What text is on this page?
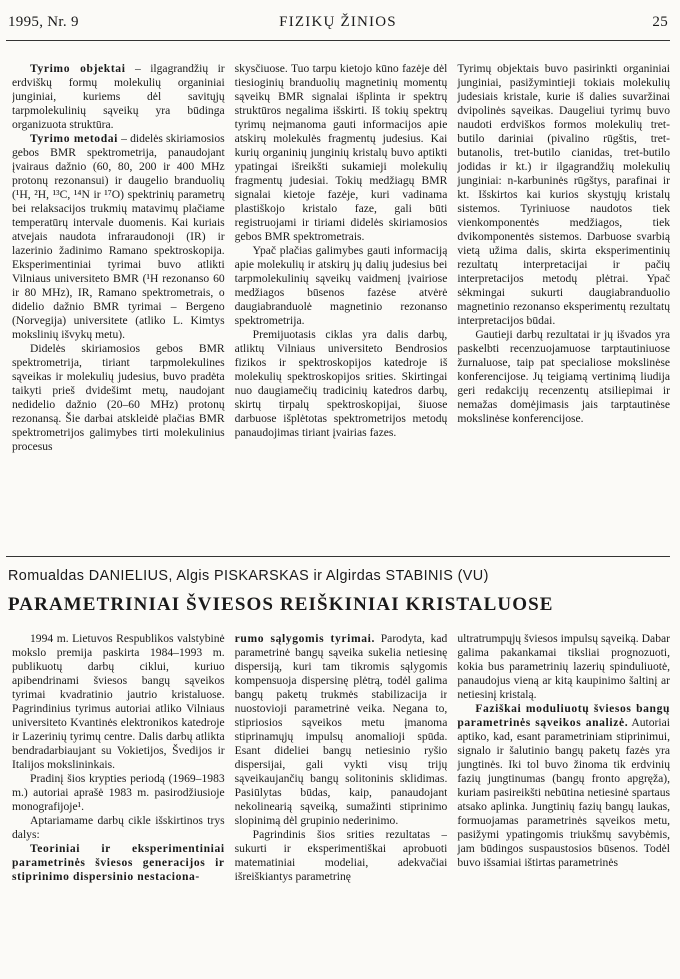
1995, Nr. 9	FIZIKŲ ŽINIOS	25

Tyrimo objektai – ilgagrandžių ir erdviškų formų molekulių organiniai junginiai, kuriems dėl savitųjų tarpmolekulinių sąveikų yra būdinga organizuota struktūra.

Tyrimo metodai – didelės skiriamosios gebos BMR spektrometrija, panaudojant įvairaus dažnio (60, 80, 200 ir 400 MHz protonų rezonansui) ir daugelio branduolių (¹H, ²H, ¹³C, ¹⁴N ir ¹⁷O) spektrinių parametrų bei relaksacijos trukmių matavimų plačiame temperatūrų intervale duomenis. Kai kuriais atvejais naudota infraraudonoji (IR) ir lazerinio žadinimo Ramano spektroskopija. Eksperimentiniai tyrimai buvo atlikti Vilniaus universiteto BMR (¹H rezonanso 60 ir 80 MHz), IR, Ramano spektrometrais, o didelio dažnio BMR tyrimai – Bergeno (Norvegija) universitete (atliko L. Kimtys mokslinių išvykų metu).

Didelės skiriamosios gebos BMR spektrometrija, tiriant tarpmolekulines sąveikas ir molekulių judesius, buvo pradėta taikyti prieš dvidešimt metų, naudojant nedidelio dažnio (20–60 MHz) protonų rezonansą. Šie darbai atskleidė plačias BMR spektrometrijos galimybes tirti molekulinius procesus

skysčiuose. Tuo tarpu kietojo kūno fazėje dėl tiesioginių branduolių magnetinių momentų sąveikų BMR signalai išplinta ir spektrų struktūros negalima išskirti. Iš tokių spektrų tyrimų neįmanoma gauti informacijos apie atskirų molekulės fragmentų judesius. Kai kurių organinių junginių kristalų buvo aptikti ypatingai išreikšti sukamieji molekulių fragmentų judesiai. Tokių medžiagų BMR signalai kietoje fazėje, kuri vadinama plastiškojo kristalo faze, gali būti registruojami ir tiriami didelės skiriamosios gebos BMR spektrometrais.

Ypač plačias galimybes gauti informaciją apie molekulių ir atskirų jų dalių judesius bei tarpmolekulinių sąveikų vaidmenį įvairiose medžiagos būsenos fazėse atvėrė daugiabranduolė magnetinio rezonanso spektrometrija.

Premijuotasis ciklas yra dalis darbų, atliktų Vilniaus universiteto Bendrosios fizikos ir spektroskopijos katedroje iš molekulių spektroskopijos srities. Skirtingai nuo daugiamečių tradicinių katedros darbų, skirtų tirpalų spektroskopijai, šiuose darbuose išplėtotas spektrometrijos metodų panaudojimas tiriant įvairias fazes.

Tyrimų objektais buvo pasirinkti organiniai junginiai, pasižymintieji tokiais molekulių judesiais kristale, kurie iš dalies suvaržinai dvipolinės sąveikas. Daugeliui tyrimų buvo naudoti erdviškos formos molekulių tret-butilo dariniai (pivalino rūgštis, tret-butanolis, tret-butilo cianidas, tret-butilo jodidas ir kt.) ir ilgagrandžių molekulių junginiai: n-karbuninės rūgštys, parafinai ir kt. Išskirtos kai kurios skystųjų kristalų sistemos. Tyriniuose naudotos tiek vienkomponentės medžiagos, tiek dvikomponentės sistemos. Darbuose svarbią vietą užima dalis, skirta eksperimentinių rezultatų interpretacijai ir pačių interpretacijos metodų plėtrai. Ypač sėkmingai sukurti daugiabranduolio magnetinio rezonanso eksperimentų rezultatų interpretacijos būdai.

Gautieji darbų rezultatai ir jų išvados yra paskelbti recenzuojamuose tarptautiniuose žurnaluose, taip pat specialiose mokslinėse konferencijose. Jų teigiamą vertinimą liudija geri redakcijų recenzentų atsiliepimai ir nemažas domėjimasis jais tarptautinėse mokslinėse konferencijose.

Romualdas DANIELIUS, Algis PISKARSKAS ir Algirdas STABINIS (VU)
PARAMETRINIAI ŠVIESOS REIŠKINIAI KRISTALUOSE

1994 m. Lietuvos Respublikos valstybinė mokslo premija paskirta 1984–1993 m. publikuotų darbų ciklui, kuriuo apibendrinami šviesos bangų sąveikos tyrimai kvadratinio jautrio kristaluose. Pagrindinius tyrimus autoriai atliko Vilniaus universiteto Kvantinės elektronikos katedroje ir Lazerinių tyrimų centre. Dalis darbų atlikta bendradarbiaujant su Vokietijos, Švedijos ir Italijos mokslininkais.

Pradinį šios krypties periodą (1969–1983 m.) autoriai aprašė 1983 m. pasirodžiusioje monografijoje¹.

Aptariamame darbų cikle išskirtinos trys dalys:

Teoriniai ir eksperimentiniai parametrinės šviesos generacijos ir stiprinimo dispersinio nestaciona-

rumo sąlygomis tyrimai. Parodyta, kad parametrinė bangų sąveika sukelia netiesinę dispersiją, kuri tam tikromis sąlygomis kompensuoja dispersinę plėtrą, todėl galima bangų paketų trukmės stabilizacija ir nuostovioji parametrinė veika. Negana to, stipriosios sąveikos metu įmanoma stiprinamųjų impulsų anomalioji spūda. Esant dideliei bangų netiesinio ryšio dispersijai, gali vykti visų trijų sąveikaujančių bangų solitoninis sklidimas. Pasiūlytas būdas, kaip, panaudojant nekolinearią sąveiką, sumažinti stiprinimo slopinimą dėl grupinio nederinimo.

Pagrindinis šios srities rezultatas – sukurti ir eksperimentiškai aprobuoti matematiniai modeliai, adekvačiai išreiškiantys parametrinę

ultratrumpųjų šviesos impulsų sąveiką. Dabar galima pakankamai tiksliai prognozuoti, kokia bus parametrinių lazerių spinduliuotė, panaudojus vieną ar kitą kaupinimo šaltinį ar netiesinį kristalą.

Faziškai moduliuotų šviesos bangų parametrinės sąveikos analizė. Autoriai aptiko, kad, esant parametriniam stiprinimui, signalo ir šalutinio bangų paketų fazės yra jungtinės. Iki tol buvo žinoma tik erdvinių fazių jungtinumas (bangų fronto apgręža), kuriam pasireikšti nebūtina netiesinė spartaus atsako aplinka. Jungtinių fazių bangų laukas, formuojamas parametrinės sąveikos metu, pasižymi ypatingomis triukšmų savybėmis, jam būdingos suspaustosios būsenos. Todėl buvo išsamiai ištirtas parametrinės
